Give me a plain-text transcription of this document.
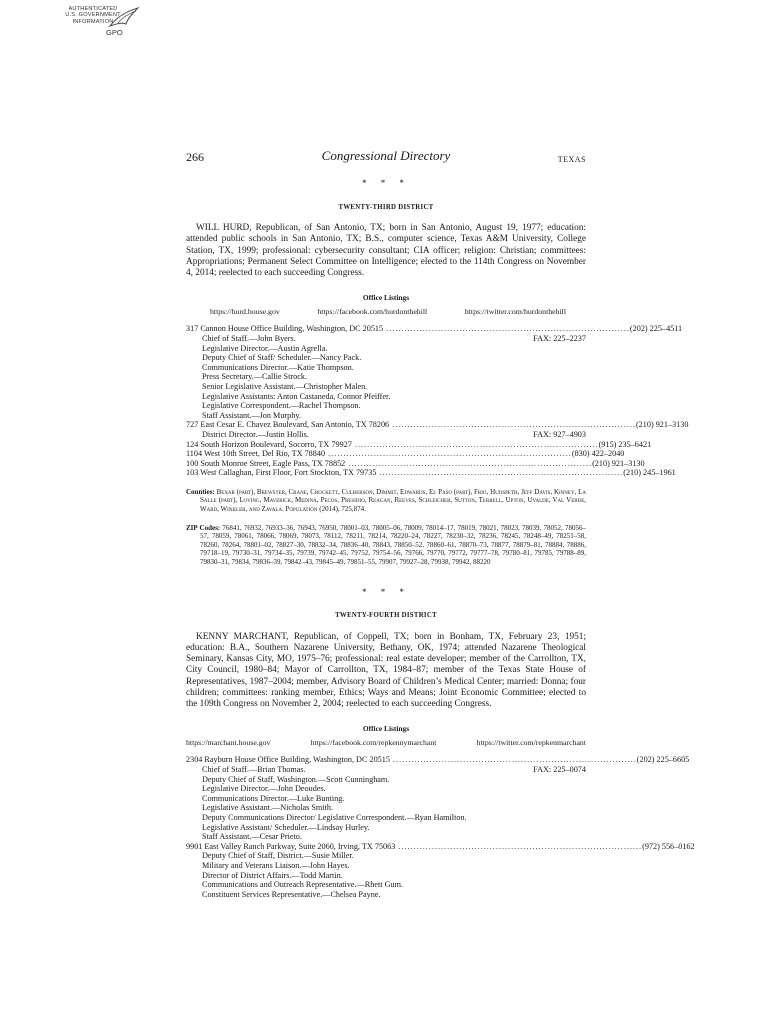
AUTHENTICATED
U.S. GOVERNMENT
INFORMATION
GPO
266	Congressional Directory	TEXAS
* * *
TWENTY-THIRD DISTRICT
WILL HURD, Republican, of San Antonio, TX; born in San Antonio, August 19, 1977; education: attended public schools in San Antonio, TX; B.S., computer science, Texas A&M University, College Station, TX, 1999; professional: cybersecurity consultant; CIA officer; religion: Christian; committees: Appropriations; Permanent Select Committee on Intelligence; elected to the 114th Congress on November 4, 2014; reelected to each succeeding Congress.
Office Listings
https://hurd.house.gov	https://facebook.com/hurdonthehill	https://twitter.com/hurdonthehill
317 Cannon House Office Building, Washington, DC 20515 ................................................................................ (202) 225–4511
Chief of Staff.—John Byers.	FAX: 225–2237
Legislative Director.—Austin Agrella.
Deputy Chief of Staff/ Scheduler.—Nancy Pack.
Communications Director.—Katie Thompson.
Press Secretary.—Callie Strock.
Senior Legislative Assistant.—Christopher Malen.
Legislative Assistants: Anton Castaneda, Connor Pfeiffer.
Legislative Correspondent.—Rachel Thompson.
Staff Assistant.—Jon Murphy.
727 East Cesar E. Chavez Boulevard, San Antonio, TX 78206 ................................................................................ (210) 921–3130
District Director.—Justin Hollis.	FAX: 927–4903
124 South Horizon Boulevard, Socorro, TX 79927 ................................................................................ (915) 235–6421
1104 West 10th Street, Del Rio, TX 78840 ................................................................................ (830) 422–2040
100 South Monroe Street, Eagle Pass, TX 78852 ................................................................................ (210) 921–3130
103 West Callaghan, First Floor, Fort Stockton, TX 79735 ................................................................................ (210) 245–1961
Counties: Bexar (part), Brewster, Crane, Crockett, Culberson, Dimmit, Edwards, El Paso (part), Frio, Hudspeth, Jeff Davis, Kinney, La Salle (part), Loving, Maverick, Medina, Pecos, Presidio, Reagan, Reeves, Schleicher, Sutton, Terrell, Upton, Uvalde, Val Verde, Ward, Winkler, and Zavala. Population (2014), 725,874.
ZIP Codes: 76841, 76932, 76933–36, 76943, 76950, 78001–03, 78005–06, 78009, 78014–17, 78019, 78021, 78023, 78039, 78052, 78056–57, 78059, 78061, 78066, 78069, 78073, 78112, 78211, 78214, 78220–24, 78227, 78230–32, 78236, 78245, 78248–49, 78251–58, 78260, 78264, 78801–02, 78827–30, 78832–34, 78836–40, 78843, 78850–52, 78860–61, 78870–73, 78877, 78879–81, 78884, 78886, 79718–19, 79730–31, 79734–35, 79739, 79742–45, 79752, 79754–56, 79766, 79770, 79772, 79777–78, 79780–81, 79785, 79788–89, 79830–31, 79834, 79836–39, 79842–43, 79845–49, 79851–55, 79907, 79927–28, 79938, 79942, 88220
* * *
TWENTY-FOURTH DISTRICT
KENNY MARCHANT, Republican, of Coppell, TX; born in Bonham, TX, February 23, 1951; education: B.A., Southern Nazarene University, Bethany, OK, 1974; attended Nazarene Theological Seminary, Kansas City, MO, 1975–76; professional: real estate developer; member of the Carrollton, TX, City Council, 1980–84; Mayor of Carrollton, TX, 1984–87; member of the Texas State House of Representatives, 1987–2004; member, Advisory Board of Children’s Medical Center; married: Donna; four children; committees: ranking member, Ethics; Ways and Means; Joint Economic Committee; elected to the 109th Congress on November 2, 2004; reelected to each succeeding Congress.
Office Listings
https://marchant.house.gov	https://facebook.com/repkennymarchant	https://twitter.com/repkenmarchant
2304 Rayburn House Office Building, Washington, DC 20515 ................................................................................ (202) 225–6605
Chief of Staff.—Brian Thomas.	FAX: 225–0074
Deputy Chief of Staff, Washington.—Scott Cunningham.
Legislative Director.—John Deoudes.
Communications Director.—Luke Bunting.
Legislative Assistant.—Nicholas Smith.
Deputy Communications Director/ Legislative Correspondent.—Ryan Hamilton.
Legislative Assistant/ Scheduler.—Lindsay Hurley.
Staff Assistant.—Cesar Prieto.
9901 East Valley Ranch Parkway, Suite 2060, Irving, TX 75063 ................................................................................ (972) 556–0162
Deputy Chief of Staff, District.—Susie Miller.
Military and Veterans Liaison.—John Hayes.
Director of District Affairs.—Todd Martin.
Communications and Outreach Representative.—Rhett Gum.
Constituent Services Representative.—Chelsea Payne.
